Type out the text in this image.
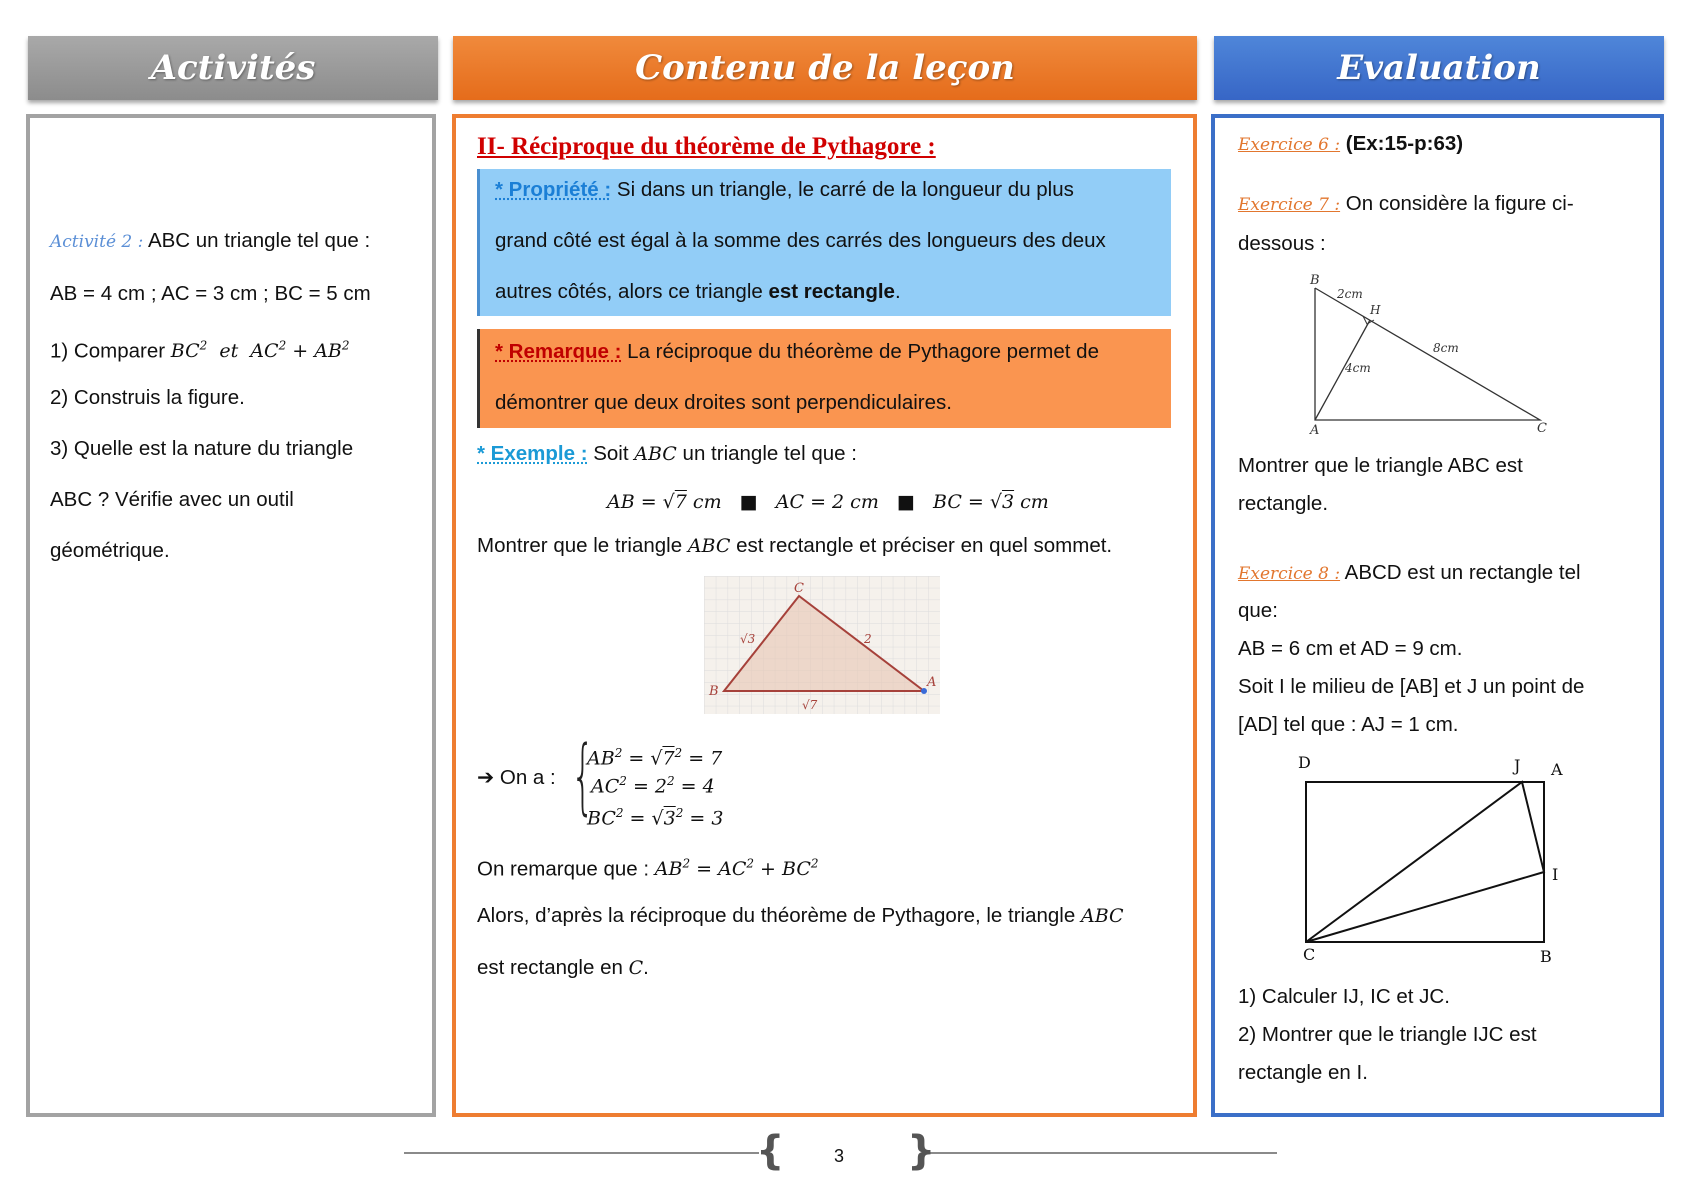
Activités	Contenu de la leçon	Evaluation
Activité 2 : ABC un triangle tel que :
AB = 4 cm ; AC = 3 cm ; BC = 5 cm
1) Comparer $BC^2$  et  $AC^2 + AB^2$
2) Construis la figure.
3) Quelle est la nature du triangle
ABC ? Vérifie avec un outil
géométrique.
II- Réciproque du théorème de Pythagore :
* Propriété : Si dans un triangle, le carré de la longueur du plus
grand côté est égal à la somme des carrés des longueurs des deux
autres côtés, alors ce triangle est rectangle.
* Remarque : La réciproque du théorème de Pythagore permet de
démontrer que deux droites sont perpendiculaires.
* Exemple : Soit ABC un triangle tel que :
AB = √7 cm   ■   AC = 2 cm   ■   BC = √3 cm
Montrer que le triangle ABC est rectangle et préciser en quel sommet.
C
B
A
√3	2
√7
➔ On a : {
$AB^2 = √7^2 = 7$
$AC^2 = 2^2 = 4$
$BC^2 = √3^2 = 3$
On remarque que : $AB^2 = AC^2 + BC^2$
Alors, d’après la réciproque du théorème de Pythagore, le triangle ABC
est rectangle en C.
Exercice 6 : (Ex:15-p:63)
Exercice 7 : On considère la figure ci-
dessous :
B
H
A	C
2cm
8cm
4cm
Montrer que le triangle ABC est
rectangle.
Exercice 8 : ABCD est un rectangle tel
que:
AB = 6 cm et AD = 9 cm.
Soit I le milieu de [AB] et J un point de
[AD] tel que : AJ = 1 cm.
D	J A
I
C	B
1) Calculer IJ, IC et JC.
2) Montrer que le triangle IJC est
rectangle en I.
{	}
3
